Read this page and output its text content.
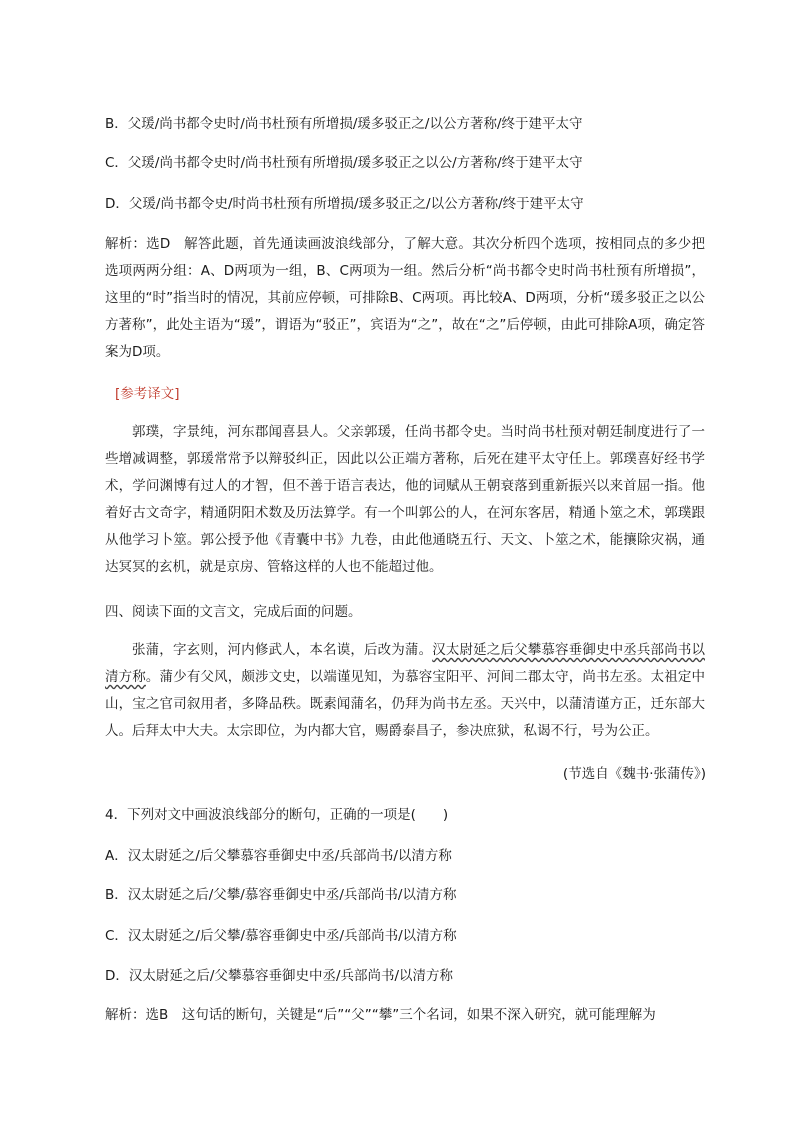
B．父瑗/尚书都令史时/尚书杜预有所增损/瑗多驳正之/以公方著称/终于建平太守
C．父瑗/尚书都令史时/尚书杜预有所增损/瑗多驳正之以公/方著称/终于建平太守
D．父瑗/尚书都令史/时尚书杜预有所增损/瑗多驳正之/以公方著称/终于建平太守
解析：选D　解答此题，首先通读画波浪线部分，了解大意。其次分析四个选项，按相同点的多少把选项两两分组：A、D两项为一组，B、C两项为一组。然后分析“尚书都令史时尚书杜预有所增损”，这里的“时”指当时的情况，其前应停顿，可排除B、C两项。再比较A、D两项，分析“瑗多驳正之以公方著称”，此处主语为“瑗”，谓语为“驳正”，宾语为“之”，故在“之”后停顿，由此可排除A项，确定答案为D项。
[参考译文]
郭璞，字景纯，河东郡闻喜县人。父亲郭瑗，任尚书都令史。当时尚书杜预对朝廷制度进行了一些增减调整，郭瑗常常予以辩驳纠正，因此以公正端方著称，后死在建平太守任上。郭璞喜好经书学术，学问渊博有过人的才智，但不善于语言表达，他的词赋从王朝衰落到重新振兴以来首屈一指。他着好古文奇字，精通阴阳术数及历法算学。有一个叫郭公的人，在河东客居，精通卜筮之术，郭璞跟从他学习卜筮。郭公授予他《青囊中书》九卷，由此他通晓五行、天文、卜筮之术，能攘除灾祸，通达冥冥的玄机，就是京房、管辂这样的人也不能超过他。
四、阅读下面的文言文，完成后面的问题。
张蒲，字玄则，河内修武人，本名谟，后改为蒲。汉太尉延之后父攀慕容垂御史中丞兵部尚书以清方称。蒲少有父风，颇涉文史，以端谨见知，为慕容宝阳平、河间二郡太守，尚书左丞。太祖定中山，宝之官司叙用者，多降品秩。既素闻蒲名，仍拜为尚书左丞。天兴中，以蒲清谨方正，迁东部大人。后拜太中大夫。太宗即位，为内都大官，赐爵泰昌子，参决庶狱，私谒不行，号为公正。
(节选自《魏书·张蒲传》)
4．下列对文中画波浪线部分的断句，正确的一项是(　　)
A．汉太尉延之/后父攀慕容垂御史中丞/兵部尚书/以清方称
B．汉太尉延之后/父攀/慕容垂御史中丞/兵部尚书/以清方称
C．汉太尉延之/后父攀/慕容垂御史中丞/兵部尚书/以清方称
D．汉太尉延之后/父攀慕容垂御史中丞/兵部尚书/以清方称
解析：选B　这句话的断句，关键是“后”“父”“攀”三个名词，如果不深入研究，就可能理解为
